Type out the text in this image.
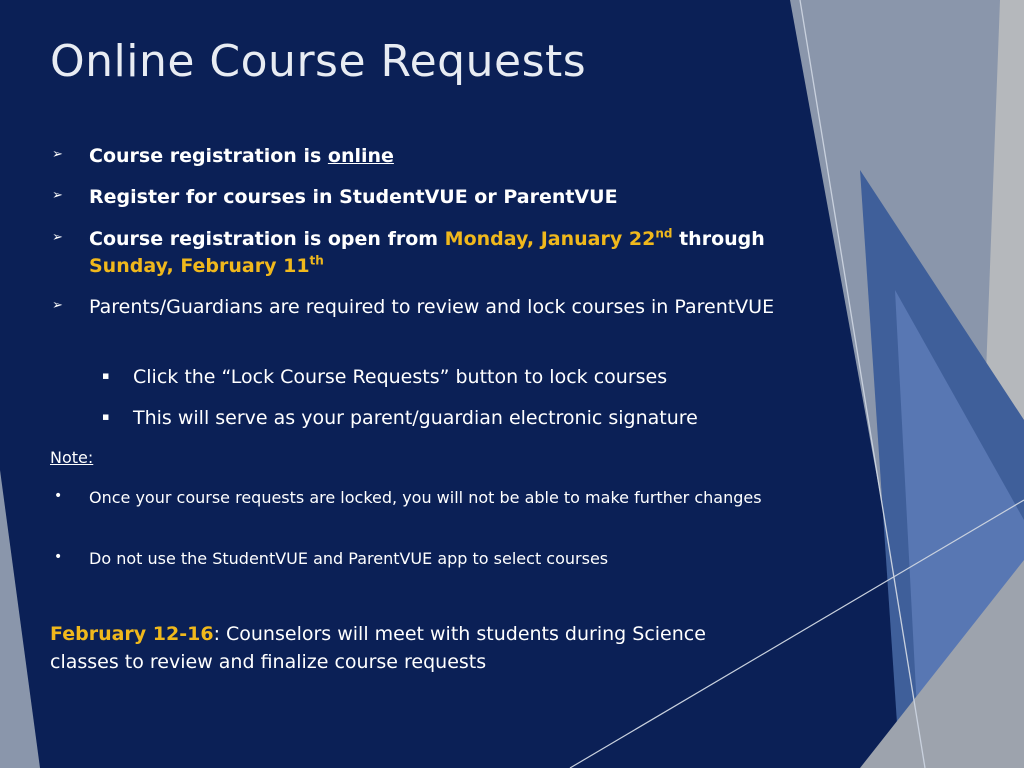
Online Course Requests
➢ Course registration is online
➢ Register for courses in StudentVUE or ParentVUE
➢ Course registration is open from Monday, January 22nd through Sunday, February 11th
➢ Parents/Guardians are required to review and lock courses in ParentVUE
▪ Click the “Lock Course Requests” button to lock courses
▪ This will serve as your parent/guardian electronic signature
Note:
• Once your course requests are locked, you will not be able to make further changes
• Do not use the StudentVUE and ParentVUE app to select courses
February 12-16: Counselors will meet with students during Science classes to review and finalize course requests
